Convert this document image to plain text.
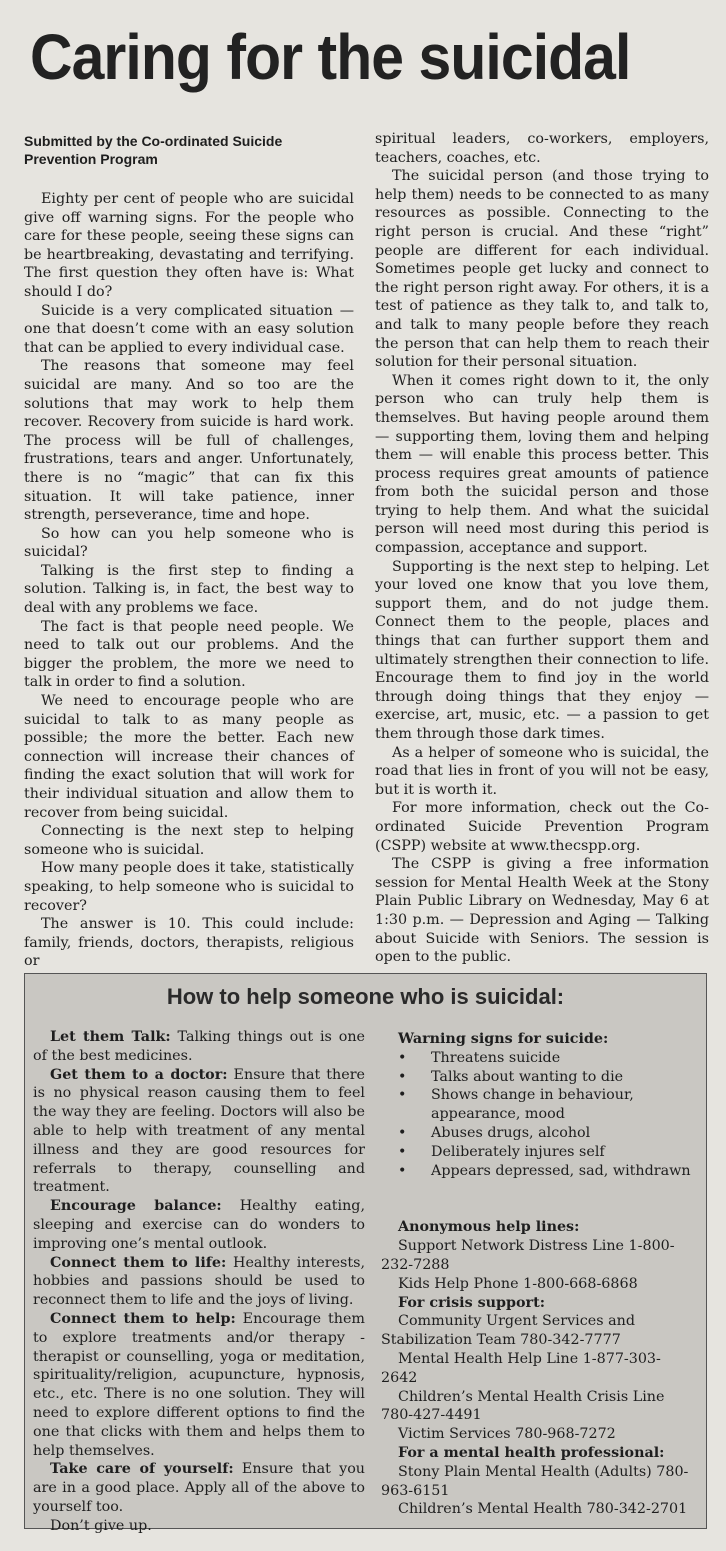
Caring for the suicidal
Submitted by the Co-ordinated Suicide Prevention Program

Eighty per cent of people who are suicidal give off warning signs. For the people who care for these people, seeing these signs can be heartbreaking, devastating and terrifying. The first question they often have is: What should I do?

Suicide is a very complicated situation — one that doesn’t come with an easy solution that can be applied to every individual case.

The reasons that someone may feel suicidal are many. And so too are the solutions that may work to help them recover. Recovery from suicide is hard work. The process will be full of challenges, frustrations, tears and anger. Unfortunately, there is no “magic” that can fix this situation. It will take patience, inner strength, perseverance, time and hope.

So how can you help someone who is suicidal?

Talking is the first step to finding a solution. Talking is, in fact, the best way to deal with any problems we face.

The fact is that people need people. We need to talk out our problems. And the bigger the problem, the more we need to talk in order to find a solution.

We need to encourage people who are suicidal to talk to as many people as possible; the more the better. Each new connection will increase their chances of finding the exact solution that will work for their individual situation and allow them to recover from being suicidal.

Connecting is the next step to helping someone who is suicidal.

How many people does it take, statistically speaking, to help someone who is suicidal to recover?

The answer is 10. This could include: family, friends, doctors, therapists, religious or

spiritual leaders, co-workers, employers, teachers, coaches, etc.

The suicidal person (and those trying to help them) needs to be connected to as many resources as possible. Connecting to the right person is crucial. And these “right” people are different for each individual. Sometimes people get lucky and connect to the right person right away. For others, it is a test of patience as they talk to, and talk to, and talk to many people before they reach the person that can help them to reach their solution for their personal situation.

When it comes right down to it, the only person who can truly help them is themselves. But having people around them — supporting them, loving them and helping them — will enable this process better. This process requires great amounts of patience from both the suicidal person and those trying to help them. And what the suicidal person will need most during this period is compassion, acceptance and support.

Supporting is the next step to helping. Let your loved one know that you love them, support them, and do not judge them. Connect them to the people, places and things that can further support them and ultimately strengthen their connection to life. Encourage them to find joy in the world through doing things that they enjoy — exercise, art, music, etc. — a passion to get them through those dark times.

As a helper of someone who is suicidal, the road that lies in front of you will not be easy, but it is worth it.

For more information, check out the Co-ordinated Suicide Prevention Program (CSPP) website at www.thecspp.org.

The CSPP is giving a free information session for Mental Health Week at the Stony Plain Public Library on Wednesday, May 6 at 1:30 p.m. — Depression and Aging — Talking about Suicide with Seniors. The session is open to the public.

How to help someone who is suicidal:

Let them Talk: Talking things out is one of the best medicines.

Get them to a doctor: Ensure that there is no physical reason causing them to feel the way they are feeling. Doctors will also be able to help with treatment of any mental illness and they are good resources for referrals to therapy, counselling and treatment.

Encourage balance: Healthy eating, sleeping and exercise can do wonders to improving one’s mental outlook.

Connect them to life: Healthy interests, hobbies and passions should be used to reconnect them to life and the joys of living.

Connect them to help: Encourage them to explore treatments and/or therapy - therapist or counselling, yoga or meditation, spirituality/religion, acupuncture, hypnosis, etc., etc. There is no one solution. They will need to explore different options to find the one that clicks with them and helps them to help themselves.

Take care of yourself: Ensure that you are in a good place. Apply all of the above to yourself too.

Don’t give up.

Warning signs for suicide:
• Threatens suicide
• Talks about wanting to die
• Shows change in behaviour, appearance, mood
• Abuses drugs, alcohol
• Deliberately injures self
• Appears depressed, sad, withdrawn
Anonymous help lines:
Support Network Distress Line 1-800-232-7288
Kids Help Phone 1-800-668-6868
For crisis support:
Community Urgent Services and Stabilization Team 780-342-7777
Mental Health Help Line 1-877-303-2642
Children’s Mental Health Crisis Line 780-427-4491
Victim Services 780-968-7272
For a mental health professional:
Stony Plain Mental Health (Adults) 780-963-6151
Children’s Mental Health 780-342-2701
